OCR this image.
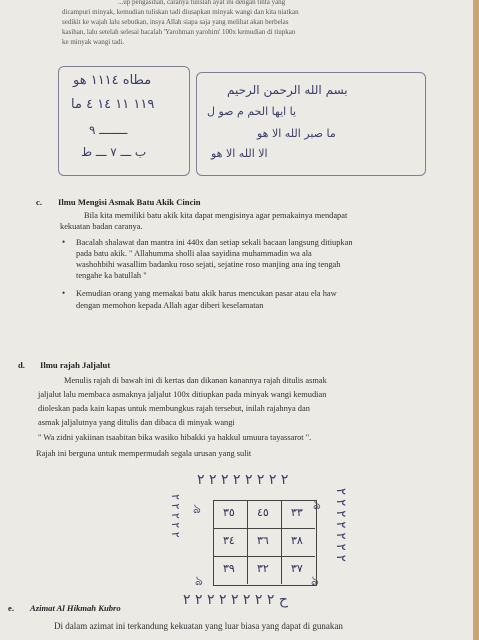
...up pengasihan, caranya tulislah ayat ini dengan tinta yang
dicampuri minyak, kemudian tuliskan tadi diusapkan minyak wangi dan kita niatkan
sedikit ke wajah lalu sebutkan, insya Allah siapa saja yang melihat akan berbelas
kasihan, lalu setelah selesai bacalah 'Yarohman yarohim' 100x kemudian di tiupkan
ke minyak wangi tadi.
مطاه ١١١٤ هو
١١٩ ١١ ١٤ ٤ ما
ــــــــ ٩
ب ـــ ٧ ـــ ط
بسم الله الرحمن الرحيم
يا ايها الحم م صو ل
ما صبر الله الا هو
الا الله الا هو
c. Ilmu Mengisi Asmak Batu Akik Cincin
Bila kita memiliki batu akik kita dapat mengisinya agar pemakainya mendapat
kekuatan badan caranya.
• Bacalah shalawat dan mantra ini 440x dan setiap sekali bacaan langsung ditiupkan
pada batu akik. " Allahumma sholli alaa sayidina muhammadin wa ala
washohbihi wasallim badanku roso sejati, sejatine roso manjing ana ing tengah
tengahe ka batullah "
• Kemudian orang yang memakai batu akik harus mencukan pasar atau ela haw
dengan memohon kepada Allah agar diberi keselamatan
d. Ilmu rajah Jaljalut
Menulis rajah di bawah ini di kertas dan dikanan kanannya rajah ditulis asmak
jaljalut lalu membaca asmaknya jaljalut 100x ditiupkan pada minyak wangi kemudian
dioleskan pada kain kapas untuk membungkus rajah tersebut, inilah rajahnya dan
asmak jaljalutnya yang ditulis dan dibaca di minyak wangi
" Wa zidni yakiinan tsaabitan bika wasiko hibakki ya hakkul umuura tayassarot ".
Rajah ini berguna untuk mempermudah segala urusan yang sulit
٢ ٢ ٢ ٢ ٢ ٢ ٢ ٢
٢ ٢ ٢ ٢ ٢
٢ ٢ ٢ ٢ ٢ ٢ ٢
ح ٢ ٢ ٢ ٢ ٢ ٢ ٢ ٢
ঌ	ঌ
ঌ	ঌ
٣٥ ٤٥ ٣٣
٣٤ ٣٦ ٣٨
٣٩ ٣٢ ٣٧
e. Azimat Al Hikmah Kubro
Di dalam azimat ini terkandung kekuatan yang luar biasa yang dapat di gunakan
